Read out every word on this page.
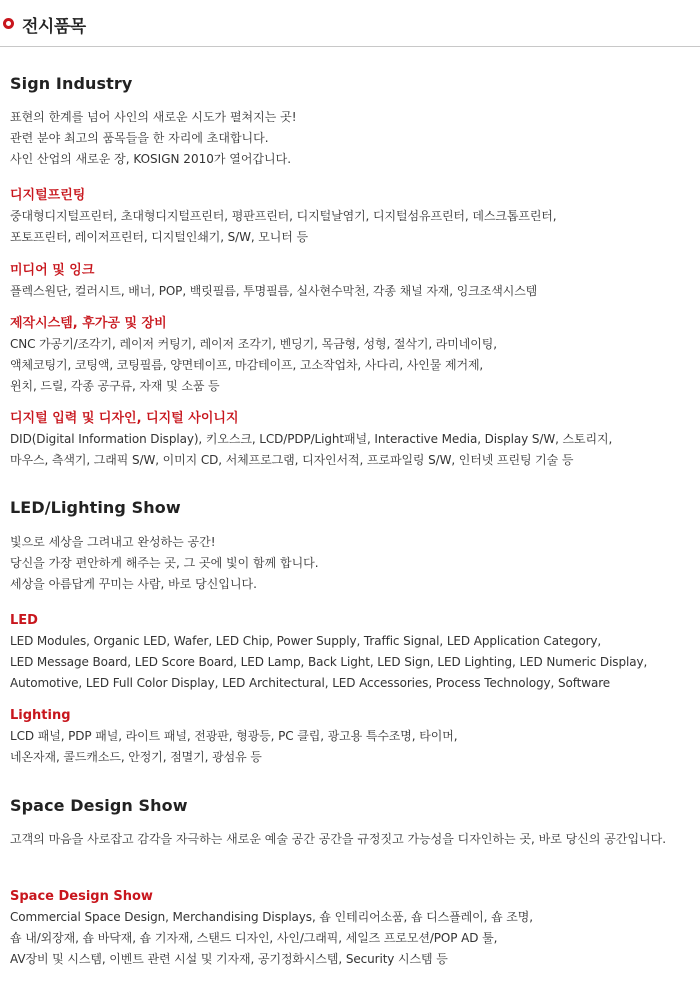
전시품목
Sign Industry
표현의 한계를 넘어 사인의 새로운 시도가 펼쳐지는 곳!
관련 분야 최고의 품목들을 한 자리에 초대합니다.
사인 산업의 새로운 장, KOSIGN 2010가 열어갑니다.
디지털프린팅
중대형디지털프린터, 초대형디지털프린터, 평판프린터, 디지털날염기, 디지털섬유프린터, 데스크톱프린터,
포토프린터, 레이저프린터, 디지털인쇄기, S/W, 모니터 등
미디어 및 잉크
플렉스원단, 컬러시트, 배너, POP, 백릿필름, 투명필름, 실사현수막천, 각종 채널 자재, 잉크조색시스템
제작시스템, 후가공 및 장비
CNC 가공기/조각기, 레이저 커팅기, 레이저 조각기, 벤딩기, 목금형, 성형, 절삭기, 라미네이팅,
액체코팅기, 코팅액, 코팅필름, 양면테이프, 마감테이프, 고소작업차, 사다리, 사인물 제거제,
윈치, 드릴, 각종 공구류, 자재 및 소품 등
디지털 입력 및 디자인, 디지털 사이니지
DID(Digital Information Display), 키오스크, LCD/PDP/Light패널, Interactive Media, Display S/W, 스토리지,
마우스, 측색기, 그래픽 S/W, 이미지 CD, 서체프로그램, 디자인서적, 프로파일링 S/W, 인터넷 프린팅 기술 등
LED/Lighting Show
빛으로 세상을 그려내고 완성하는 공간!
당신을 가장 편안하게 해주는 곳, 그 곳에 빛이 함께 합니다.
세상을 아름답게 꾸미는 사람, 바로 당신입니다.
LED
LED Modules, Organic LED, Wafer, LED Chip, Power Supply, Traffic Signal, LED Application Category,
LED Message Board, LED Score Board, LED Lamp, Back Light, LED Sign, LED Lighting, LED Numeric Display,
Automotive, LED Full Color Display, LED Architectural, LED Accessories, Process Technology, Software
Lighting
LCD 패널, PDP 패널, 라이트 패널, 전광판, 형광등, PC 클립, 광고용 특수조명, 타이머,
네온자재, 콜드캐소드, 안정기, 점멸기, 광섬유 등
Space Design Show
고객의 마음을 사로잡고 감각을 자극하는 새로운 예술 공간 공간을 규정짓고 가능성을 디자인하는 곳, 바로 당신의 공간입니다.
Space Design Show
Commercial Space Design, Merchandising Displays, 숍 인테리어소품, 숍 디스플레이, 숍 조명,
숍 내/외장재, 숍 바닥재, 숍 기자재, 스탠드 디자인, 사인/그래픽, 세일즈 프로모션/POP AD 툴,
AV장비 및 시스템, 이벤트 관련 시설 및 기자재, 공기정화시스템, Security 시스템 등
